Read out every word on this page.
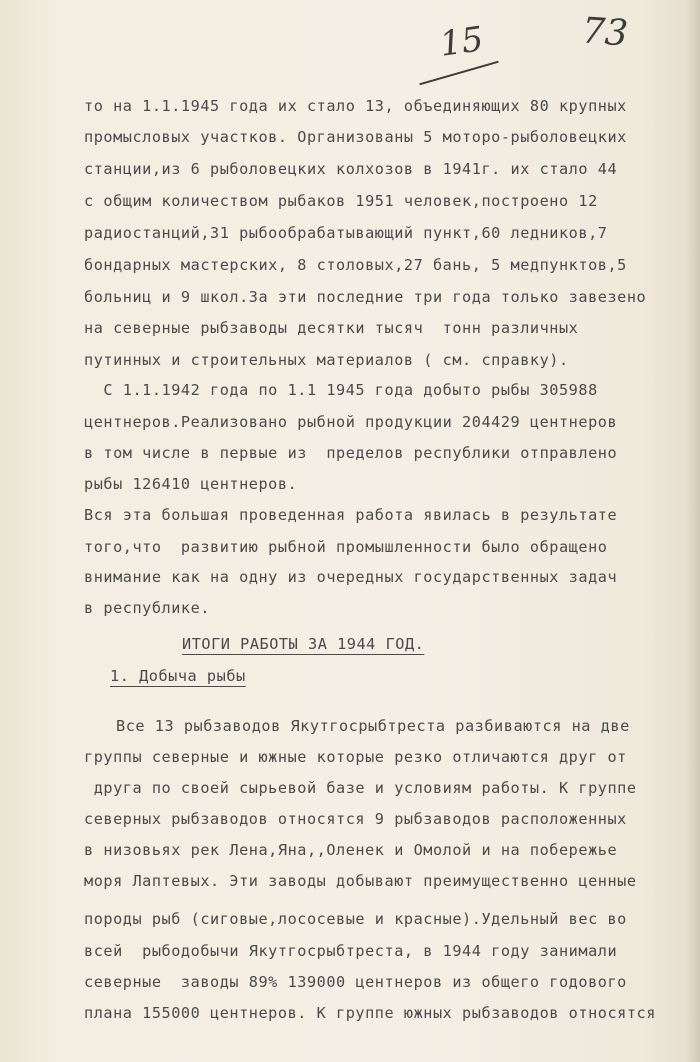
15	73
то на 1.1.1945 года их стало 13, объединяющих 80 крупных
промысловых участков. Организованы 5 моторо-рыболовецких
станции,из 6 рыболовецких колхозов в 1941г. их стало 44
с общим количеством рыбаков 1951 человек,построено 12
радиостанций,31 рыбообрабатывающий пункт,60 ледников,7
бондарных мастерских, 8 столовых,27 бань, 5 медпунктов,5
больниц и 9 школ.За эти последние три года только завезено
на северные рыбзаводы десятки тысяч  тонн различных
путинных и строительных материалов ( см. справку).
С 1.1.1942 года по 1.1 1945 года добыто рыбы 305988
центнеров.Реализовано рыбной продукции 204429 центнеров
в том числе в первые из  пределов республики отправлено
рыбы 126410 центнеров.
Вся эта большая проведенная работа явилась в результате
того,что  развитию рыбной промышленности было обращено
внимание как на одну из очередных государственных задач
в республике.
ИТОГИ РАБОТЫ ЗА 1944 ГОД.
1. Добыча рыбы
Все 13 рыбзаводов Якутгосрыбтреста разбиваются на две
группы северные и южные которые резко отличаются друг от
друга по своей сырьевой базе и условиям работы. К группе
северных рыбзаводов относятся 9 рыбзаводов расположенных
в низовьях рек Лена,Яна,,Оленек и Омолой и на побережье
моря Лаптевых. Эти заводы добывают преимущественно ценные
породы рыб (сиговые,лососевые и красные).Удельный вес во
всей  рыбодобычи Якутгосрыбтреста, в 1944 году занимали
северные  заводы 89% 139000 центнеров из общего годового
плана 155000 центнеров. К группе южных рыбзаводов относятся
